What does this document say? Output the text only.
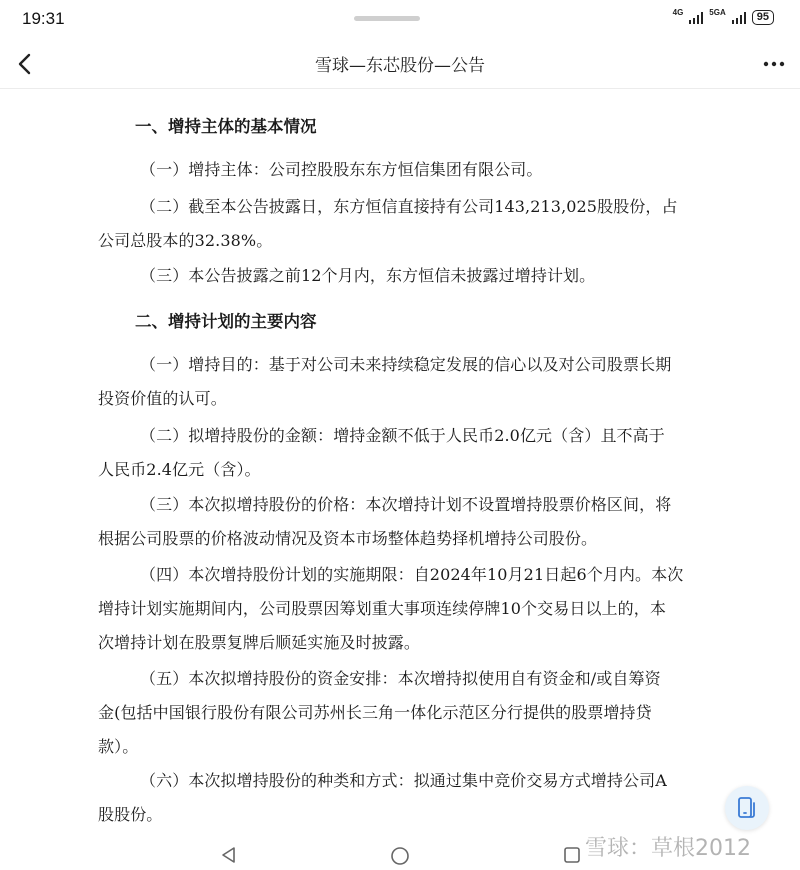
19:31	4G	5GA	95
雪球—东芯股份—公告
一、增持主体的基本情况
（一）增持主体：公司控股股东东方恒信集团有限公司。
（二）截至本公告披露日，东方恒信直接持有公司143,213,025股股份，占
公司总股本的32.38%。
（三）本公告披露之前12个月内，东方恒信未披露过增持计划。
二、增持计划的主要内容
（一）增持目的：基于对公司未来持续稳定发展的信心以及对公司股票长期
投资价值的认可。
（二）拟增持股份的金额：增持金额不低于人民币2.0亿元（含）且不高于
人民币2.4亿元（含）。
（三）本次拟增持股份的价格：本次增持计划不设置增持股票价格区间，将
根据公司股票的价格波动情况及资本市场整体趋势择机增持公司股份。
（四）本次增持股份计划的实施期限：自2024年10月21日起6个月内。本次
增持计划实施期间内，公司股票因筹划重大事项连续停牌10个交易日以上的，本
次增持计划在股票复牌后顺延实施及时披露。
（五）本次拟增持股份的资金安排：本次增持拟使用自有资金和/或自筹资
金(包括中国银行股份有限公司苏州长三角一体化示范区分行提供的股票增持贷
款）。
（六）本次拟增持股份的种类和方式：拟通过集中竞价交易方式增持公司A
股股份。
雪球：草根2012
